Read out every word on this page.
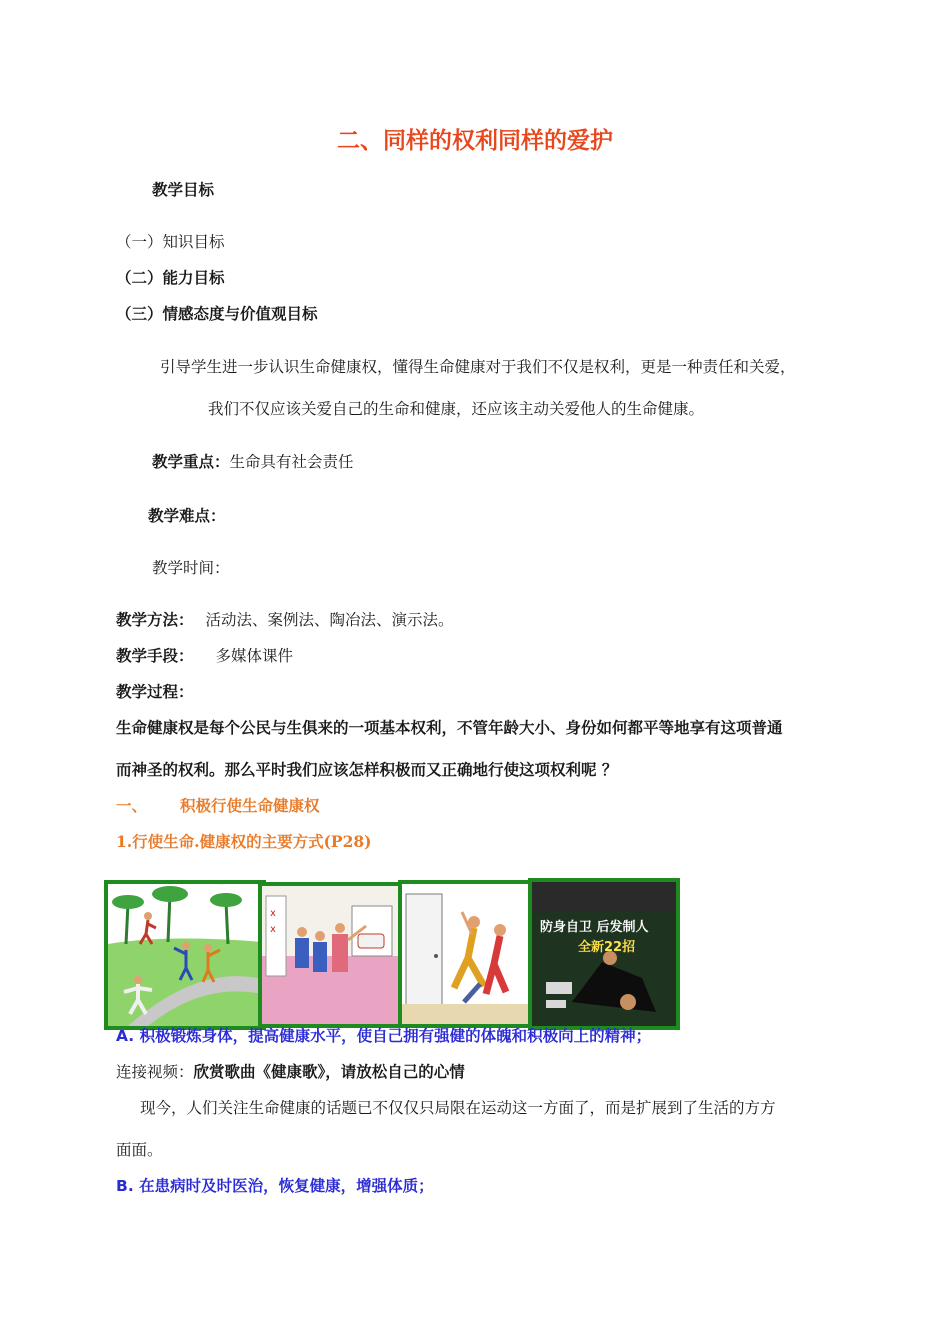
二、同样的权利同样的爱护
教学目标
（一）知识目标
（二）能力目标
（三）情感态度与价值观目标
引导学生进一步认识生命健康权，懂得生命健康对于我们不仅是权利，更是一种责任和关爱，
我们不仅应该关爱自己的生命和健康，还应该主动关爱他人的生命健康。
教学重点：生命具有社会责任
教学难点：
教学时间：
教学方法： 活动法、案例法、陶冶法、演示法。
教学手段： 多媒体课件
教学过程：
生命健康权是每个公民与生俱来的一项基本权利，不管年龄大小、身份如何都平等地享有这项普通
而神圣的权利。那么平时我们应该怎样积极而又正确地行使这项权利呢 ？
一、 积极行使生命健康权
1.行使生命.健康权的主要方式(P28)
x
x	防身自卫 后发制人
全新22招
A. 积极锻炼身体，提高健康水平，使自己拥有强健的体魄和积极向上的精神；
连接视频：欣赏歌曲《健康歌》，请放松自己的心情
现今，人们关注生命健康的话题已不仅仅只局限在运动这一方面了，而是扩展到了生活的方方
面面。
B. 在患病时及时医治，恢复健康，增强体质；
